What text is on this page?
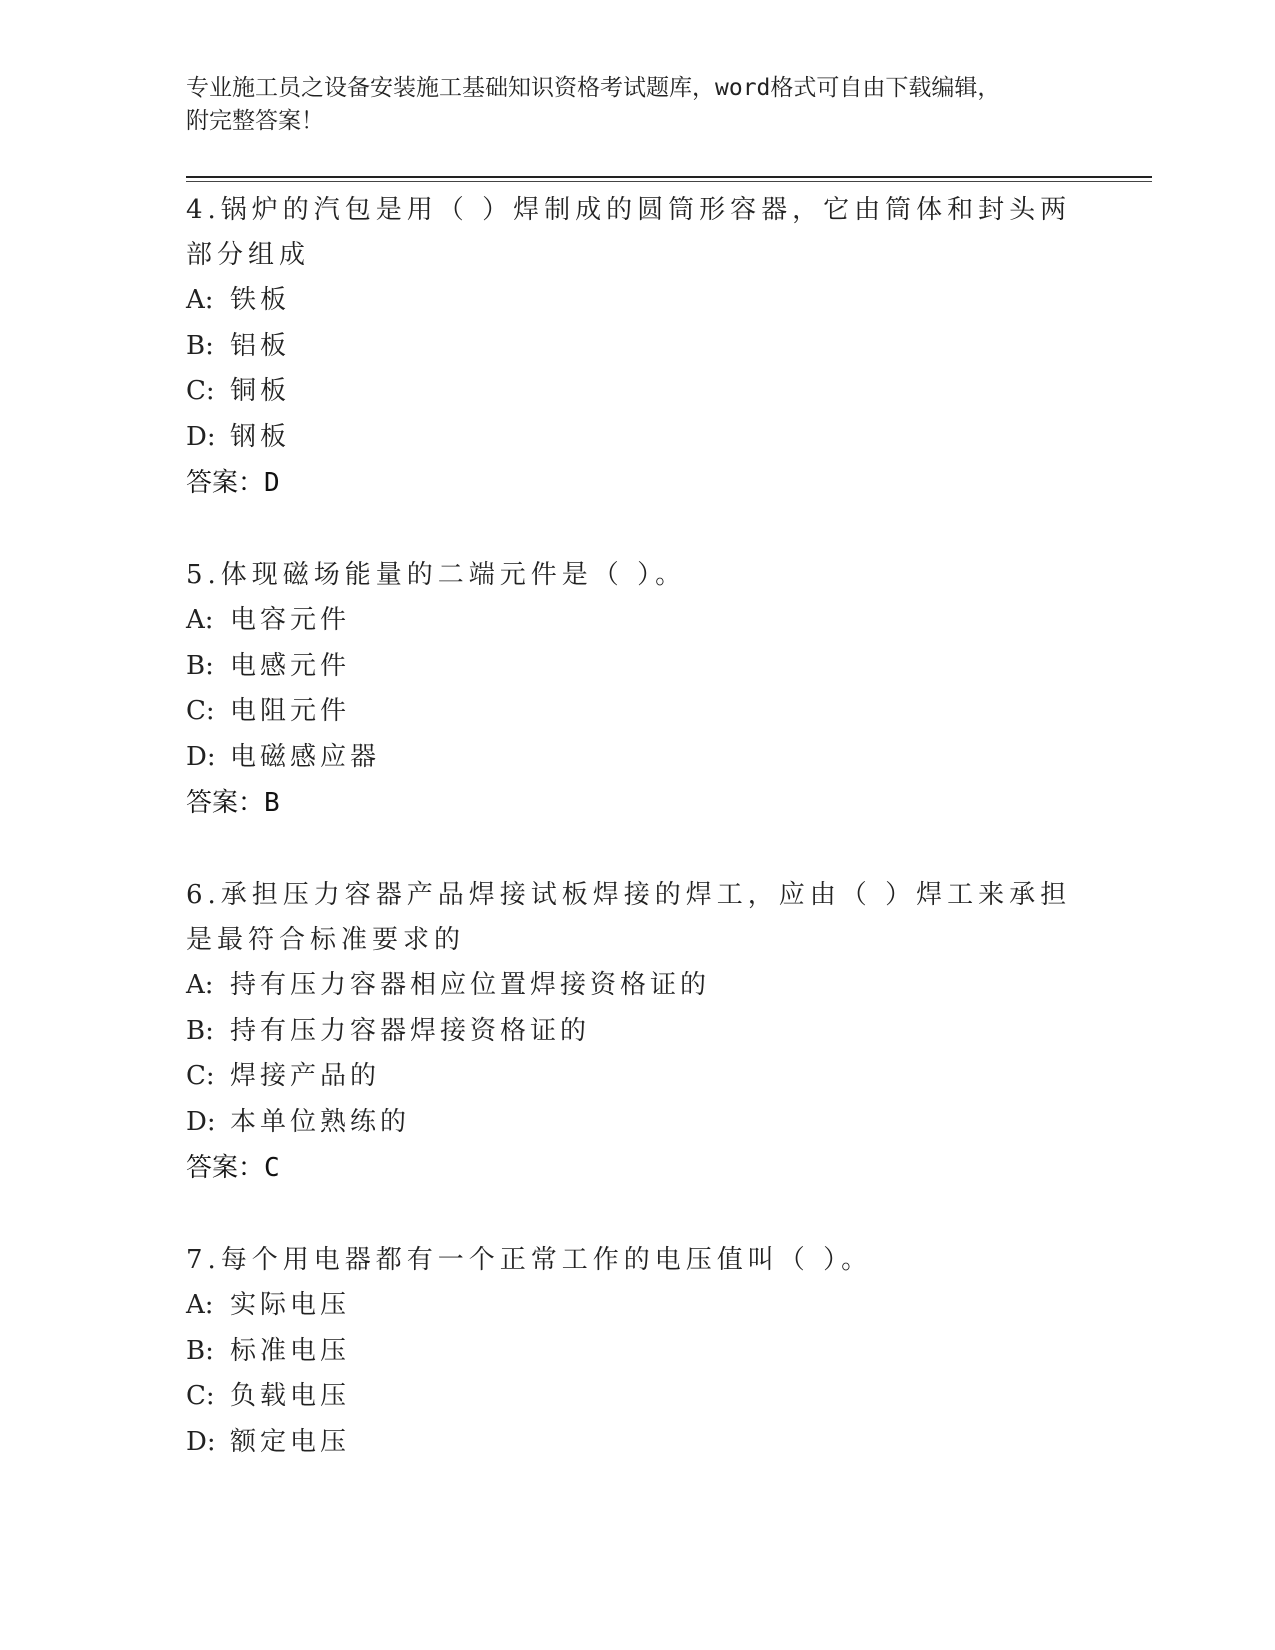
专业施工员之设备安装施工基础知识资格考试题库，word格式可自由下载编辑，
附完整答案！
4.锅炉的汽包是用（ ）焊制成的圆筒形容器，它由筒体和封头两部分组成
A: 铁板
B: 铝板
C: 铜板
D: 钢板
答案：D
5.体现磁场能量的二端元件是（ ）。
A: 电容元件
B: 电感元件
C: 电阻元件
D: 电磁感应器
答案：B
6.承担压力容器产品焊接试板焊接的焊工，应由（ ）焊工来承担是最符合标准要求的
A: 持有压力容器相应位置焊接资格证的
B: 持有压力容器焊接资格证的
C: 焊接产品的
D: 本单位熟练的
答案：C
7.每个用电器都有一个正常工作的电压值叫（ ）。
A: 实际电压
B: 标准电压
C: 负载电压
D: 额定电压
